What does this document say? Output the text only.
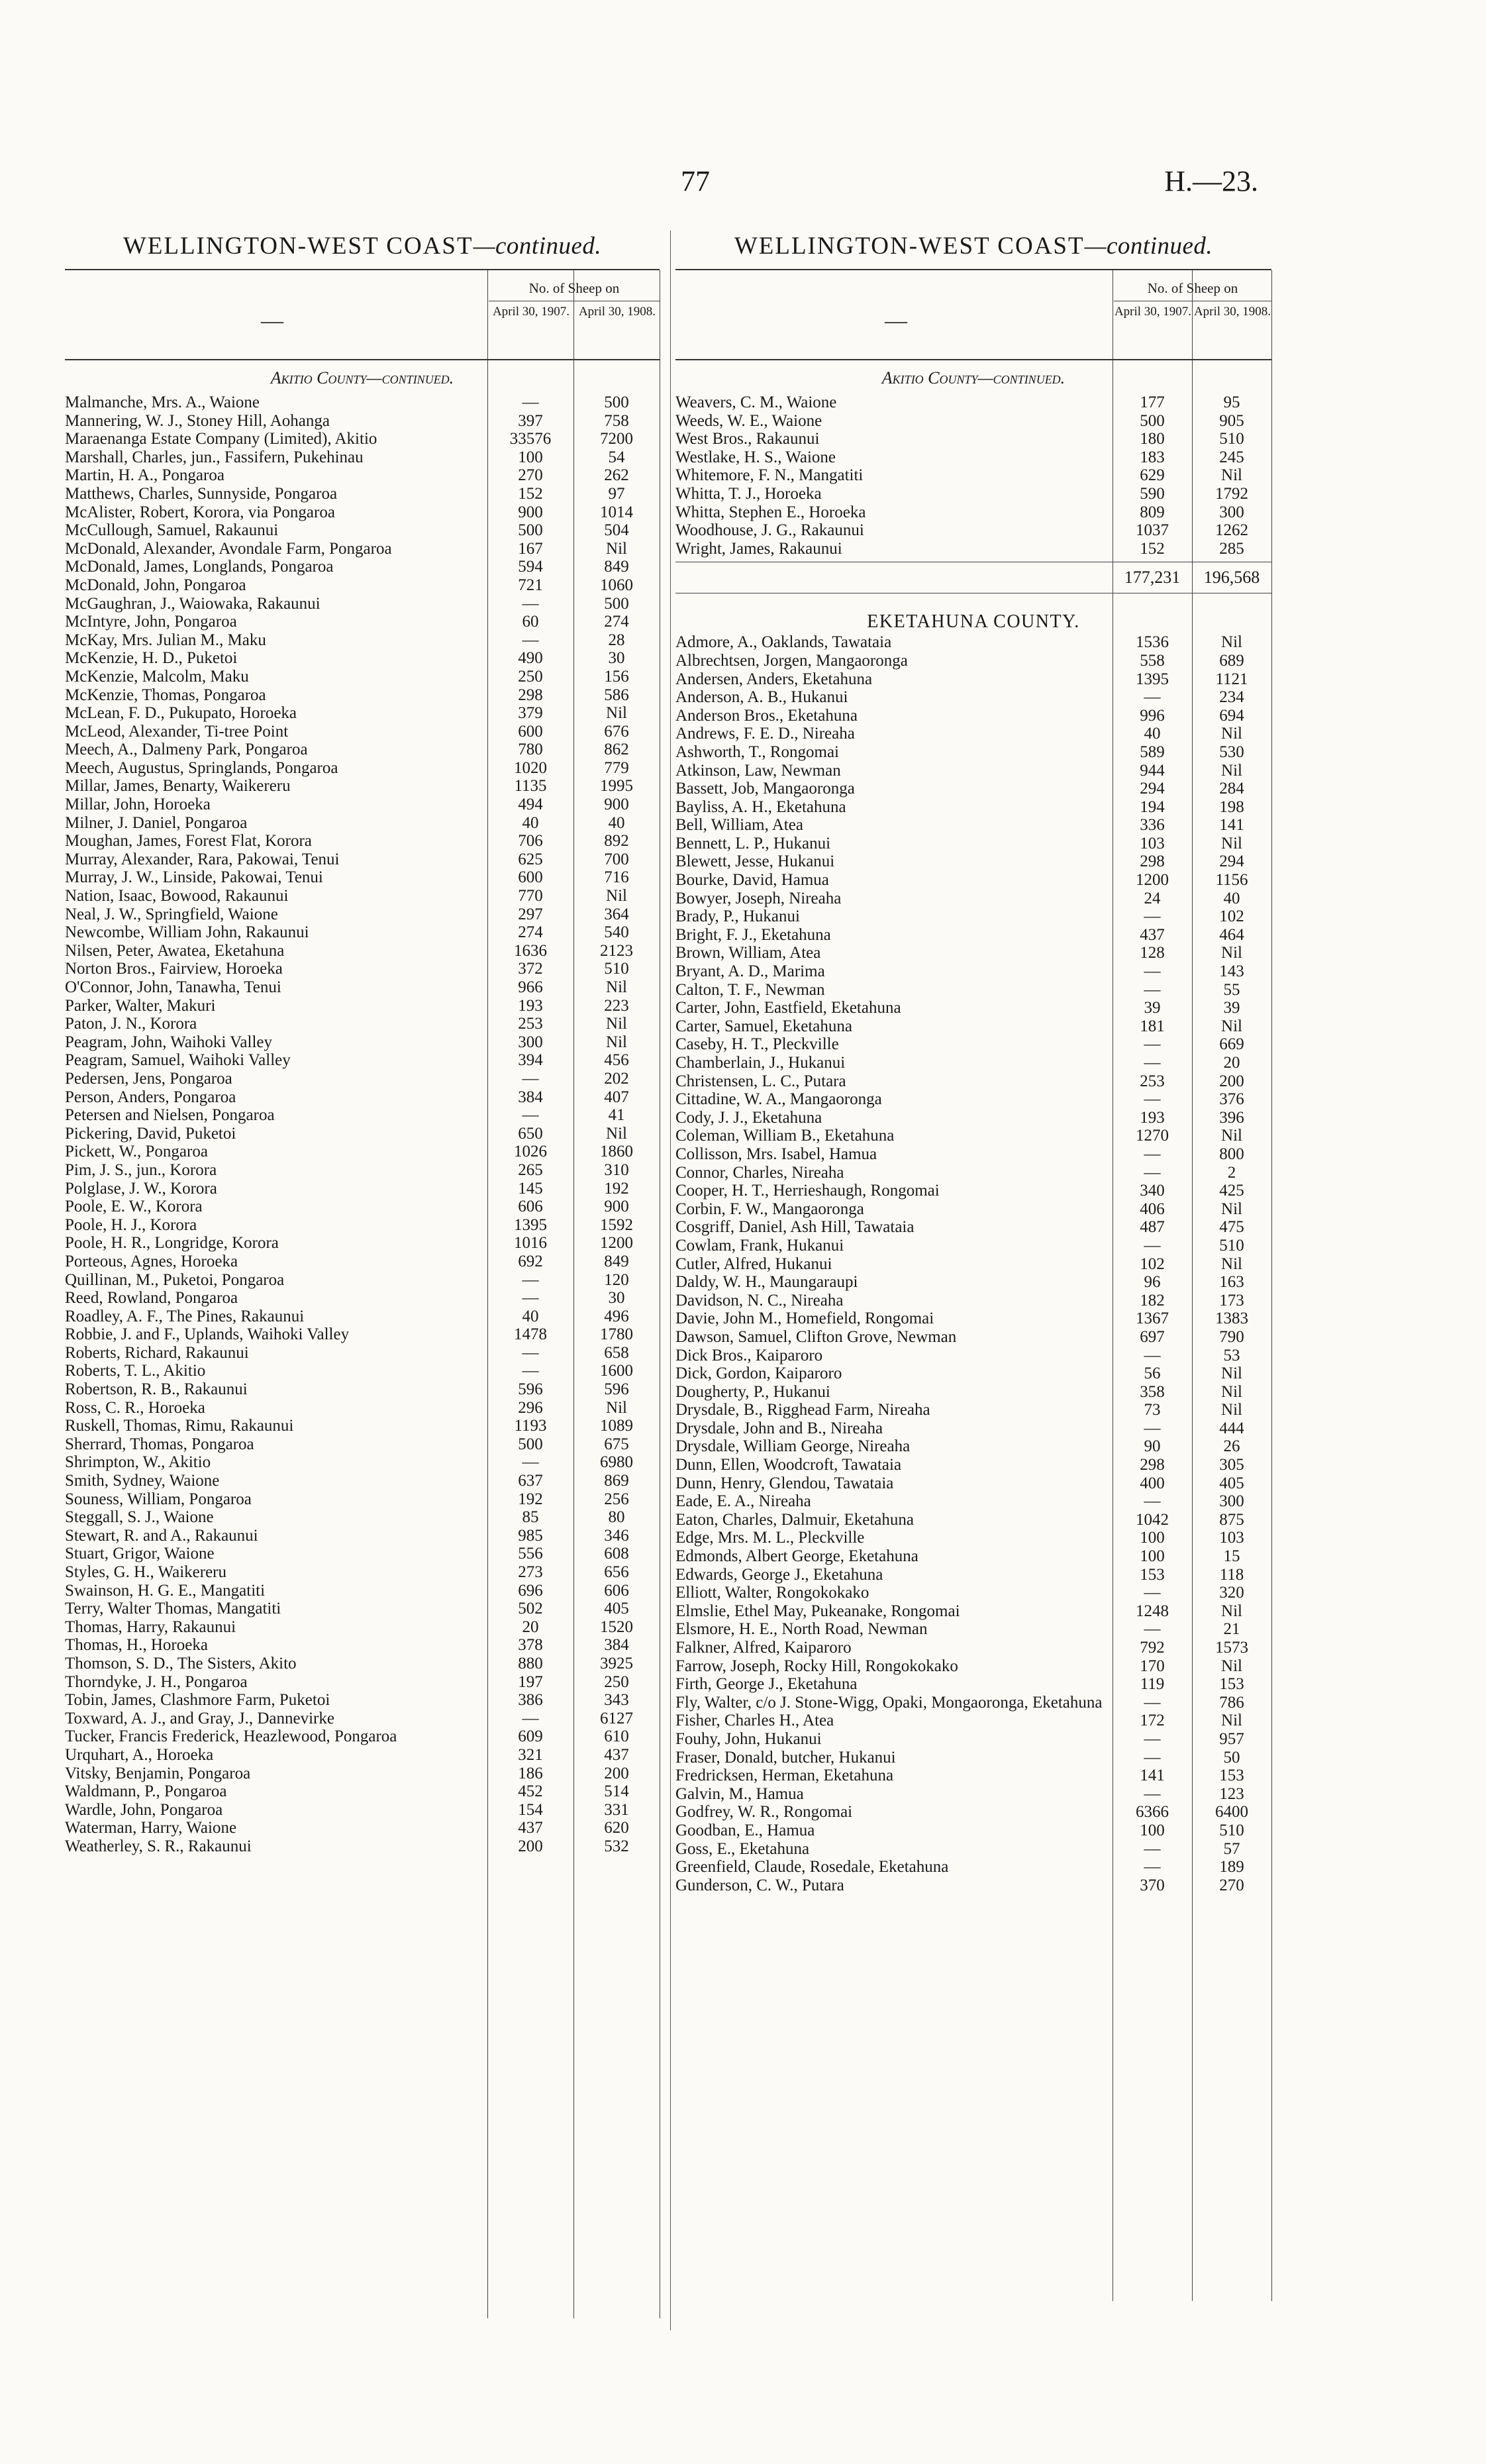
77	H.—23.
WELLINGTON-WEST COAST—continued.
—
No. of Sheep on
April 30, 1907. April 30, 1908.
Akitio County—continued.
Malmanche, Mrs. A., Waione	—	500
Mannering, W. J., Stoney Hill, Aohanga	397	758
Maraenanga Estate Company (Limited), Akitio	33576	7200
Marshall, Charles, jun., Fassifern, Pukehinau	100	54
Martin, H. A., Pongaroa	270	262
Matthews, Charles, Sunnyside, Pongaroa	152	97
McAlister, Robert, Korora, via Pongaroa	900	1014
McCullough, Samuel, Rakaunui	500	504
McDonald, Alexander, Avondale Farm, Pongaroa	167	Nil
McDonald, James, Longlands, Pongaroa	594	849
McDonald, John, Pongaroa	721	1060
McGaughran, J., Waiowaka, Rakaunui	—	500
McIntyre, John, Pongaroa	60	274
McKay, Mrs. Julian M., Maku	—	28
McKenzie, H. D., Puketoi	490	30
McKenzie, Malcolm, Maku	250	156
McKenzie, Thomas, Pongaroa	298	586
McLean, F. D., Pukupato, Horoeka	379	Nil
McLeod, Alexander, Ti-tree Point	600	676
Meech, A., Dalmeny Park, Pongaroa	780	862
Meech, Augustus, Springlands, Pongaroa	1020	779
Millar, James, Benarty, Waikereru	1135	1995
Millar, John, Horoeka	494	900
Milner, J. Daniel, Pongaroa	40	40
Moughan, James, Forest Flat, Korora	706	892
Murray, Alexander, Rara, Pakowai, Tenui	625	700
Murray, J. W., Linside, Pakowai, Tenui	600	716
Nation, Isaac, Bowood, Rakaunui	770	Nil
Neal, J. W., Springfield, Waione	297	364
Newcombe, William John, Rakaunui	274	540
Nilsen, Peter, Awatea, Eketahuna	1636	2123
Norton Bros., Fairview, Horoeka	372	510
O'Connor, John, Tanawha, Tenui	966	Nil
Parker, Walter, Makuri	193	223
Paton, J. N., Korora	253	Nil
Peagram, John, Waihoki Valley	300	Nil
Peagram, Samuel, Waihoki Valley	394	456
Pedersen, Jens, Pongaroa	—	202
Person, Anders, Pongaroa	384	407
Petersen and Nielsen, Pongaroa	—	41
Pickering, David, Puketoi	650	Nil
Pickett, W., Pongaroa	1026	1860
Pim, J. S., jun., Korora	265	310
Polglase, J. W., Korora	145	192
Poole, E. W., Korora	606	900
Poole, H. J., Korora	1395	1592
Poole, H. R., Longridge, Korora	1016	1200
Porteous, Agnes, Horoeka	692	849
Quillinan, M., Puketoi, Pongaroa	—	120
Reed, Rowland, Pongaroa	—	30
Roadley, A. F., The Pines, Rakaunui	40	496
Robbie, J. and F., Uplands, Waihoki Valley	1478	1780
Roberts, Richard, Rakaunui	—	658
Roberts, T. L., Akitio	—	1600
Robertson, R. B., Rakaunui	596	596
Ross, C. R., Horoeka	296	Nil
Ruskell, Thomas, Rimu, Rakaunui	1193	1089
Sherrard, Thomas, Pongaroa	500	675
Shrimpton, W., Akitio	—	6980
Smith, Sydney, Waione	637	869
Souness, William, Pongaroa	192	256
Steggall, S. J., Waione	85	80
Stewart, R. and A., Rakaunui	985	346
Stuart, Grigor, Waione	556	608
Styles, G. H., Waikereru	273	656
Swainson, H. G. E., Mangatiti	696	606
Terry, Walter Thomas, Mangatiti	502	405
Thomas, Harry, Rakaunui	20	1520
Thomas, H., Horoeka	378	384
Thomson, S. D., The Sisters, Akito	880	3925
Thorndyke, J. H., Pongaroa	197	250
Tobin, James, Clashmore Farm, Puketoi	386	343
Toxward, A. J., and Gray, J., Dannevirke	—	6127
Tucker, Francis Frederick, Heazlewood, Pongaroa	609	610
Urquhart, A., Horoeka	321	437
Vitsky, Benjamin, Pongaroa	186	200
Waldmann, P., Pongaroa	452	514
Wardle, John, Pongaroa	154	331
Waterman, Harry, Waione	437	620
Weatherley, S. R., Rakaunui	200	532
WELLINGTON-WEST COAST—continued.
—
No. of Sheep on
April 30, 1907. April 30, 1908.
Akitio County—continued.
Weavers, C. M., Waione	177	95
Weeds, W. E., Waione	500	905
West Bros., Rakaunui	180	510
Westlake, H. S., Waione	183	245
Whitemore, F. N., Mangatiti	629	Nil
Whitta, T. J., Horoeka	590	1792
Whitta, Stephen E., Horoeka	809	300
Woodhouse, J. G., Rakaunui	1037	1262
Wright, James, Rakaunui	152	285
177,231	196,568
EKETAHUNA COUNTY.
Admore, A., Oaklands, Tawataia	1536	Nil
Albrechtsen, Jorgen, Mangaoronga	558	689
Andersen, Anders, Eketahuna	1395	1121
Anderson, A. B., Hukanui	—	234
Anderson Bros., Eketahuna	996	694
Andrews, F. E. D., Nireaha	40	Nil
Ashworth, T., Rongomai	589	530
Atkinson, Law, Newman	944	Nil
Bassett, Job, Mangaoronga	294	284
Bayliss, A. H., Eketahuna	194	198
Bell, William, Atea	336	141
Bennett, L. P., Hukanui	103	Nil
Blewett, Jesse, Hukanui	298	294
Bourke, David, Hamua	1200	1156
Bowyer, Joseph, Nireaha	24	40
Brady, P., Hukanui	—	102
Bright, F. J., Eketahuna	437	464
Brown, William, Atea	128	Nil
Bryant, A. D., Marima	—	143
Calton, T. F., Newman	—	55
Carter, John, Eastfield, Eketahuna	39	39
Carter, Samuel, Eketahuna	181	Nil
Caseby, H. T., Pleckville	—	669
Chamberlain, J., Hukanui	—	20
Christensen, L. C., Putara	253	200
Cittadine, W. A., Mangaoronga	—	376
Cody, J. J., Eketahuna	193	396
Coleman, William B., Eketahuna	1270	Nil
Collisson, Mrs. Isabel, Hamua	—	800
Connor, Charles, Nireaha	—	2
Cooper, H. T., Herrieshaugh, Rongomai	340	425
Corbin, F. W., Mangaoronga	406	Nil
Cosgriff, Daniel, Ash Hill, Tawataia	487	475
Cowlam, Frank, Hukanui	—	510
Cutler, Alfred, Hukanui	102	Nil
Daldy, W. H., Maungaraupi	96	163
Davidson, N. C., Nireaha	182	173
Davie, John M., Homefield, Rongomai	1367	1383
Dawson, Samuel, Clifton Grove, Newman	697	790
Dick Bros., Kaiparoro	—	53
Dick, Gordon, Kaiparoro	56	Nil
Dougherty, P., Hukanui	358	Nil
Drysdale, B., Rigghead Farm, Nireaha	73	Nil
Drysdale, John and B., Nireaha	—	444
Drysdale, William George, Nireaha	90	26
Dunn, Ellen, Woodcroft, Tawataia	298	305
Dunn, Henry, Glendou, Tawataia	400	405
Eade, E. A., Nireaha	—	300
Eaton, Charles, Dalmuir, Eketahuna	1042	875
Edge, Mrs. M. L., Pleckville	100	103
Edmonds, Albert George, Eketahuna	100	15
Edwards, George J., Eketahuna	153	118
Elliott, Walter, Rongokokako	—	320
Elmslie, Ethel May, Pukeanake, Rongomai	1248	Nil
Elsmore, H. E., North Road, Newman	—	21
Falkner, Alfred, Kaiparoro	792	1573
Farrow, Joseph, Rocky Hill, Rongokokako	170	Nil
Firth, George J., Eketahuna	119	153
Fly, Walter, c/o J. Stone-Wigg, Opaki, Mongaoronga, Eketahuna	—	786
Fisher, Charles H., Atea	172	Nil
Fouhy, John, Hukanui	—	957
Fraser, Donald, butcher, Hukanui	—	50
Fredricksen, Herman, Eketahuna	141	153
Galvin, M., Hamua	—	123
Godfrey, W. R., Rongomai	6366	6400
Goodban, E., Hamua	100	510
Goss, E., Eketahuna	—	57
Greenfield, Claude, Rosedale, Eketahuna	—	189
Gunderson, C. W., Putara	370	270
